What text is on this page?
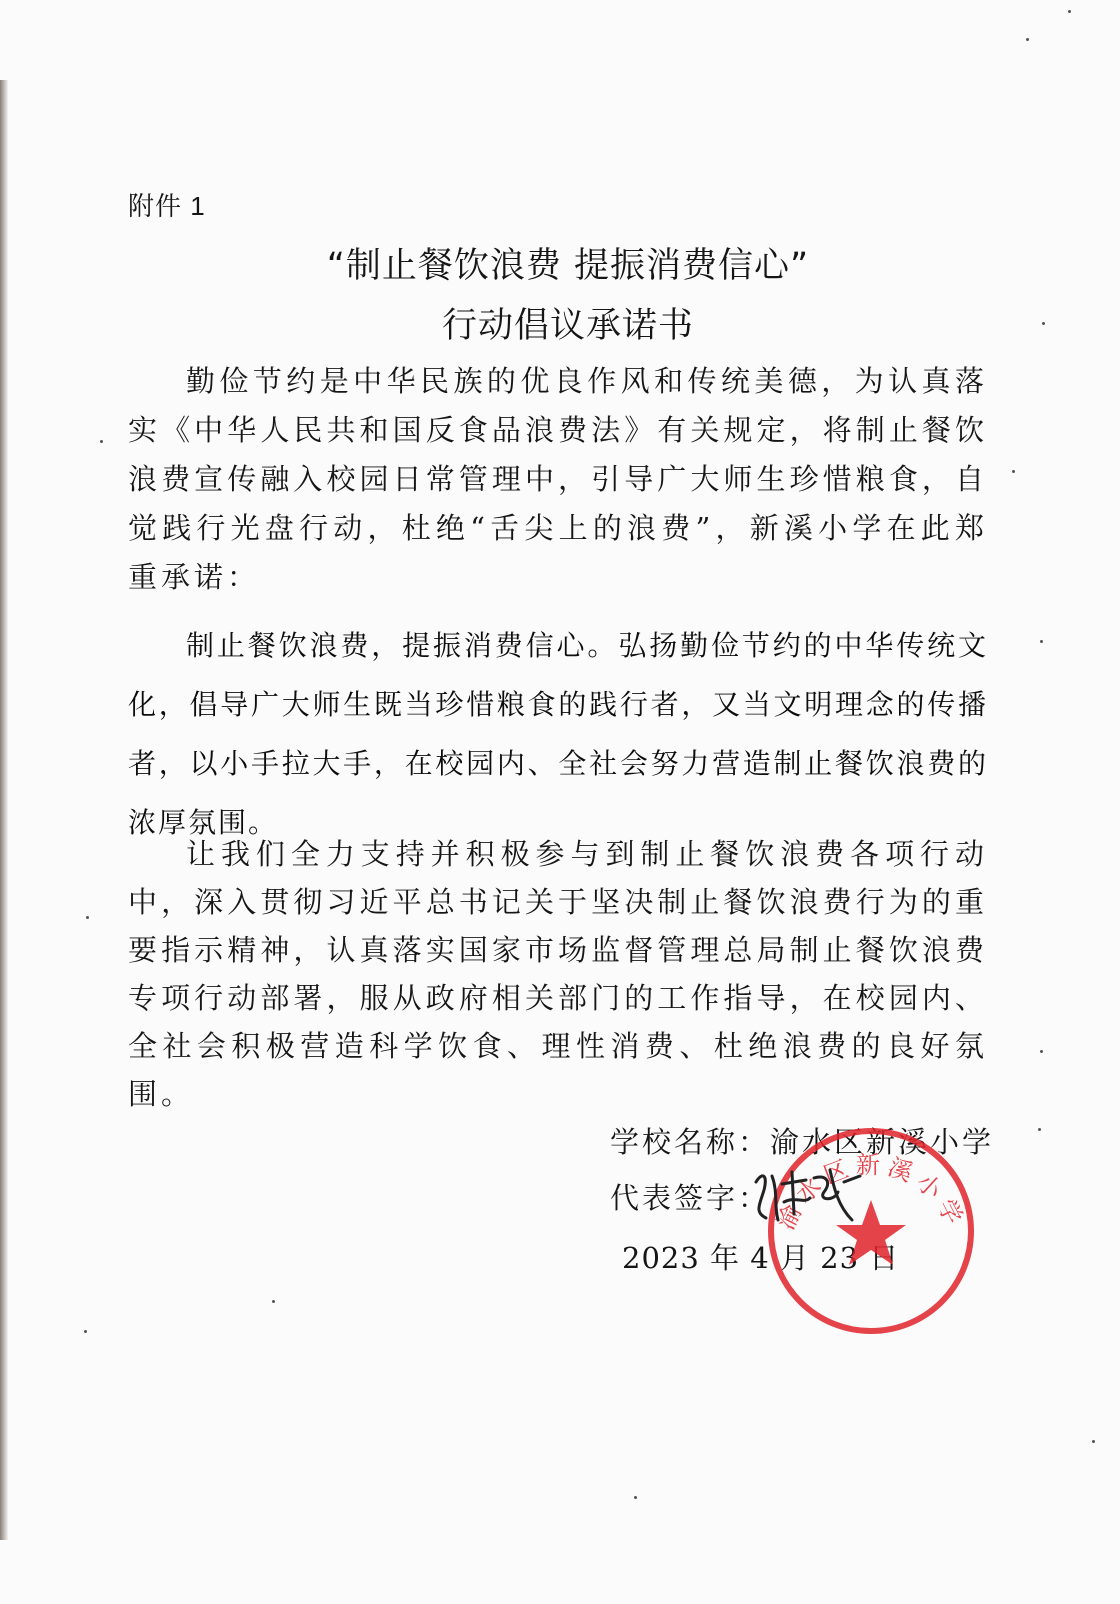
附件 1
“制止餐饮浪费 提振消费信心”
行动倡议承诺书
勤俭节约是中华民族的优良作风和传统美德，为认真落实《中华人民共和国反食品浪费法》有关规定，将制止餐饮浪费宣传融入校园日常管理中，引导广大师生珍惜粮食，自觉践行光盘行动，杜绝“舌尖上的浪费”，新溪小学在此郑重承诺：
制止餐饮浪费，提振消费信心。弘扬勤俭节约的中华传统文化，倡导广大师生既当珍惜粮食的践行者，又当文明理念的传播者，以小手拉大手，在校园内、全社会努力营造制止餐饮浪费的浓厚氛围。
让我们全力支持并积极参与到制止餐饮浪费各项行动中，深入贯彻习近平总书记关于坚决制止餐饮浪费行为的重要指示精神，认真落实国家市场监督管理总局制止餐饮浪费专项行动部署，服从政府相关部门的工作指导，在校园内、全社会积极营造科学饮食、理性消费、杜绝浪费的良好氛围。
学校名称：渝水区新溪小学
代表签字：
2023 年 4 月 23 日
渝水区新溪小学
